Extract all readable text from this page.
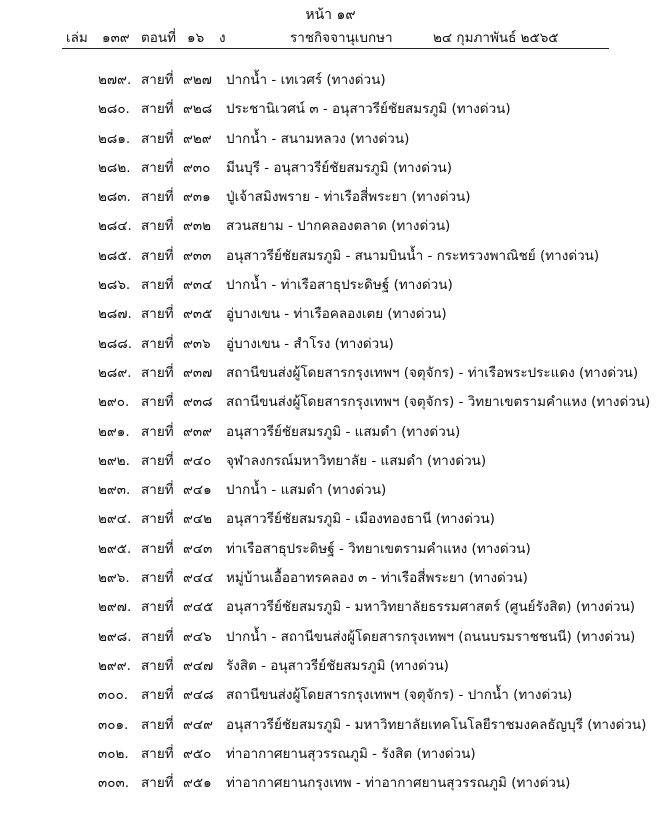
หน้า ๑๙
เล่ม ๑๓๙ ตอนที่ ๑๖ ง	ราชกิจจานุเบกษา	๒๔ กุมภาพันธ์ ๒๕๖๕
๒๗๙. สายที่ ๙๒๗ ปากน้ำ - เทเวศร์ (ทางด่วน)
๒๘๐. สายที่ ๙๒๘ ประชานิเวศน์ ๓ - อนุสาวรีย์ชัยสมรภูมิ (ทางด่วน)
๒๘๑. สายที่ ๙๒๙ ปากน้ำ - สนามหลวง (ทางด่วน)
๒๘๒. สายที่ ๙๓๐ มีนบุรี - อนุสาวรีย์ชัยสมรภูมิ (ทางด่วน)
๒๘๓. สายที่ ๙๓๑ ปู่เจ้าสมิงพราย - ท่าเรือสี่พระยา (ทางด่วน)
๒๘๔. สายที่ ๙๓๒ สวนสยาม - ปากคลองตลาด (ทางด่วน)
๒๘๕. สายที่ ๙๓๓ อนุสาวรีย์ชัยสมรภูมิ - สนามบินน้ำ - กระทรวงพาณิชย์ (ทางด่วน)
๒๘๖. สายที่ ๙๓๔ ปากน้ำ - ท่าเรือสาธุประดิษฐ์ (ทางด่วน)
๒๘๗. สายที่ ๙๓๕ อู่บางเขน - ท่าเรือคลองเตย (ทางด่วน)
๒๘๘. สายที่ ๙๓๖ อู่บางเขน - สำโรง (ทางด่วน)
๒๘๙. สายที่ ๙๓๗ สถานีขนส่งผู้โดยสารกรุงเทพฯ (จตุจักร) - ท่าเรือพระประแดง (ทางด่วน)
๒๙๐. สายที่ ๙๓๘ สถานีขนส่งผู้โดยสารกรุงเทพฯ (จตุจักร) - วิทยาเขตรามคำแหง (ทางด่วน)
๒๙๑. สายที่ ๙๓๙ อนุสาวรีย์ชัยสมรภูมิ - แสมดำ (ทางด่วน)
๒๙๒. สายที่ ๙๔๐ จุฬาลงกรณ์มหาวิทยาลัย - แสมดำ (ทางด่วน)
๒๙๓. สายที่ ๙๔๑ ปากน้ำ - แสมดำ (ทางด่วน)
๒๙๔. สายที่ ๙๔๒ อนุสาวรีย์ชัยสมรภูมิ - เมืองทองธานี (ทางด่วน)
๒๙๕. สายที่ ๙๔๓ ท่าเรือสาธุประดิษฐ์ - วิทยาเขตรามคำแหง (ทางด่วน)
๒๙๖. สายที่ ๙๔๔ หมู่บ้านเอื้ออาทรคลอง ๓ - ท่าเรือสี่พระยา (ทางด่วน)
๒๙๗. สายที่ ๙๔๕ อนุสาวรีย์ชัยสมรภูมิ - มหาวิทยาลัยธรรมศาสตร์ (ศูนย์รังสิต) (ทางด่วน)
๒๙๘. สายที่ ๙๔๖ ปากน้ำ - สถานีขนส่งผู้โดยสารกรุงเทพฯ (ถนนบรมราชชนนี) (ทางด่วน)
๒๙๙. สายที่ ๙๔๗ รังสิต - อนุสาวรีย์ชัยสมรภูมิ (ทางด่วน)
๓๐๐. สายที่ ๙๔๘ สถานีขนส่งผู้โดยสารกรุงเทพฯ (จตุจักร) - ปากน้ำ (ทางด่วน)
๓๐๑. สายที่ ๙๔๙ อนุสาวรีย์ชัยสมรภูมิ - มหาวิทยาลัยเทคโนโลยีราชมงคลธัญบุรี (ทางด่วน)
๓๐๒. สายที่ ๙๕๐ ท่าอากาศยานสุวรรณภูมิ - รังสิต (ทางด่วน)
๓๐๓. สายที่ ๙๕๑ ท่าอากาศยานกรุงเทพ - ท่าอากาศยานสุวรรณภูมิ (ทางด่วน)
